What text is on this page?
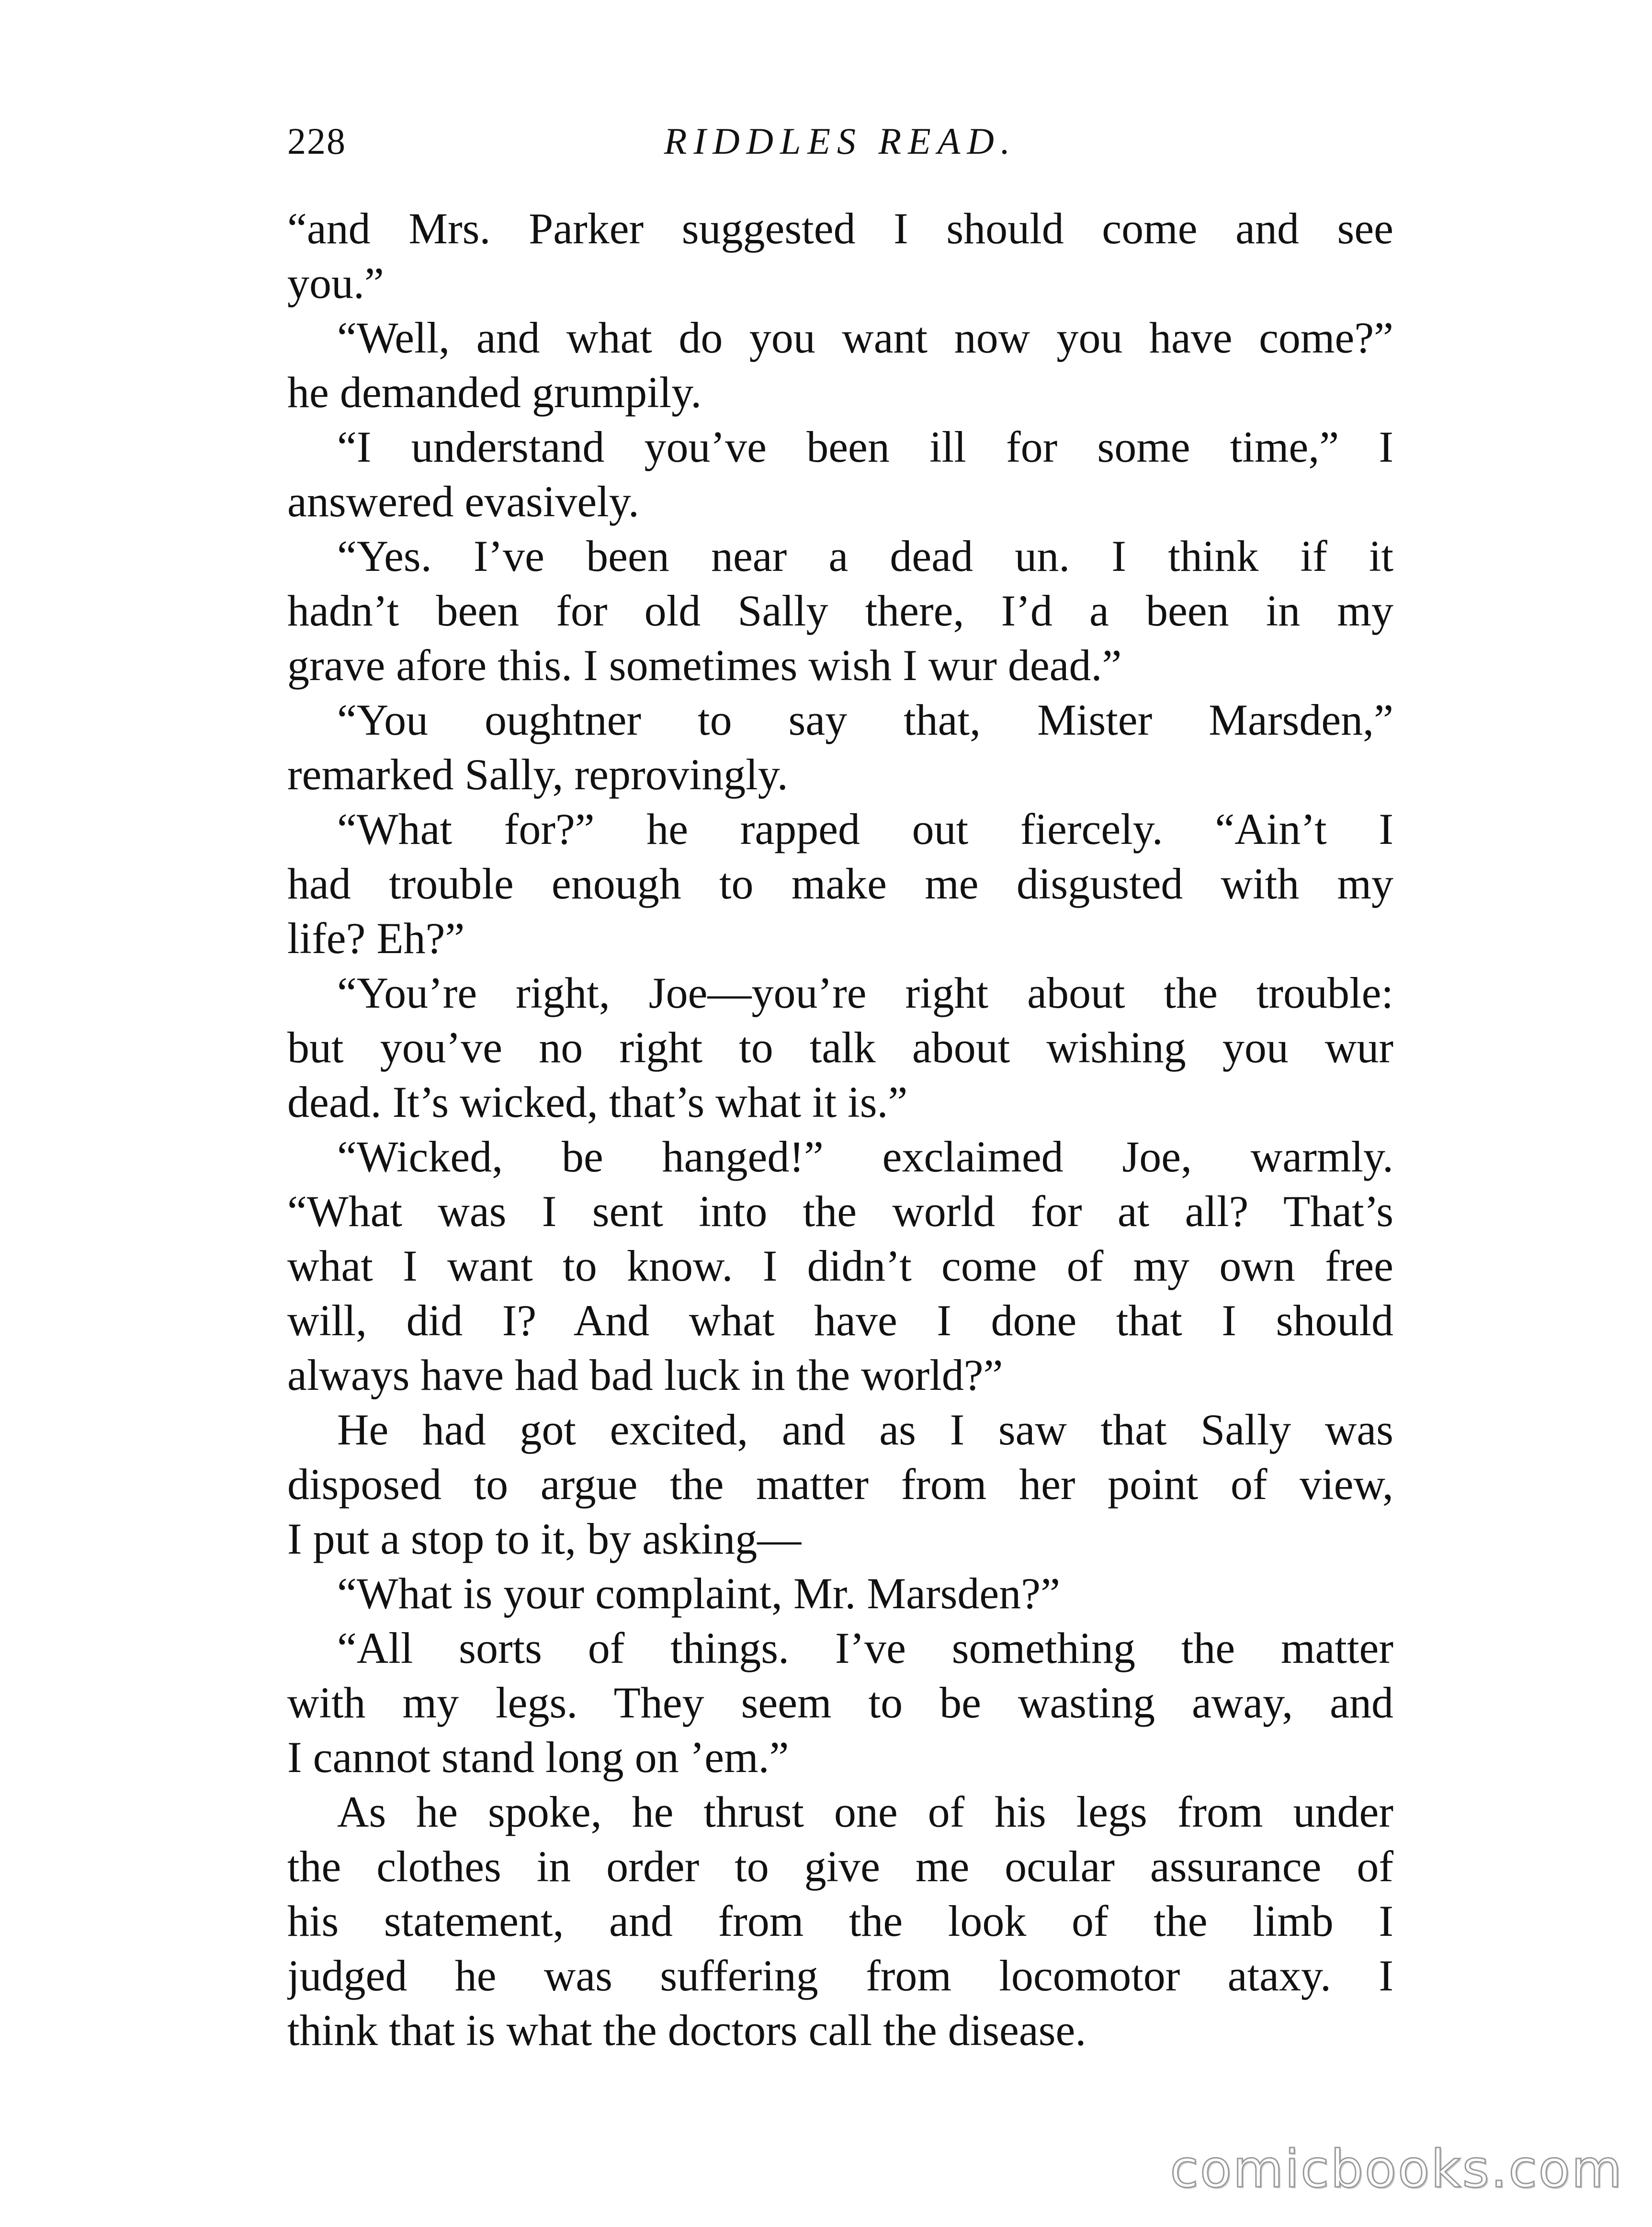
228	RIDDLES READ.
“and Mrs. Parker suggested I should come and see
you.”
“Well, and what do you want now you have come?”
he demanded grumpily.
“I understand you’ve been ill for some time,” I
answered evasively.
“Yes. I’ve been near a dead un. I think if it
hadn’t been for old Sally there, I’d a been in my
grave afore this. I sometimes wish I wur dead.”
“You oughtner to say that, Mister Marsden,”
remarked Sally, reprovingly.
“What for?” he rapped out fiercely. “Ain’t I
had trouble enough to make me disgusted with my
life? Eh?”
“You’re right, Joe—you’re right about the trouble:
but you’ve no right to talk about wishing you wur
dead. It’s wicked, that’s what it is.”
“Wicked, be hanged!” exclaimed Joe, warmly.
“What was I sent into the world for at all? That’s
what I want to know. I didn’t come of my own free
will, did I? And what have I done that I should
always have had bad luck in the world?”
He had got excited, and as I saw that Sally was
disposed to argue the matter from her point of view,
I put a stop to it, by asking—
“What is your complaint, Mr. Marsden?”
“All sorts of things. I’ve something the matter
with my legs. They seem to be wasting away, and
I cannot stand long on ’em.”
As he spoke, he thrust one of his legs from under
the clothes in order to give me ocular assurance of
his statement, and from the look of the limb I
judged he was suffering from locomotor ataxy. I
think that is what the doctors call the disease.
comicbooks.com
